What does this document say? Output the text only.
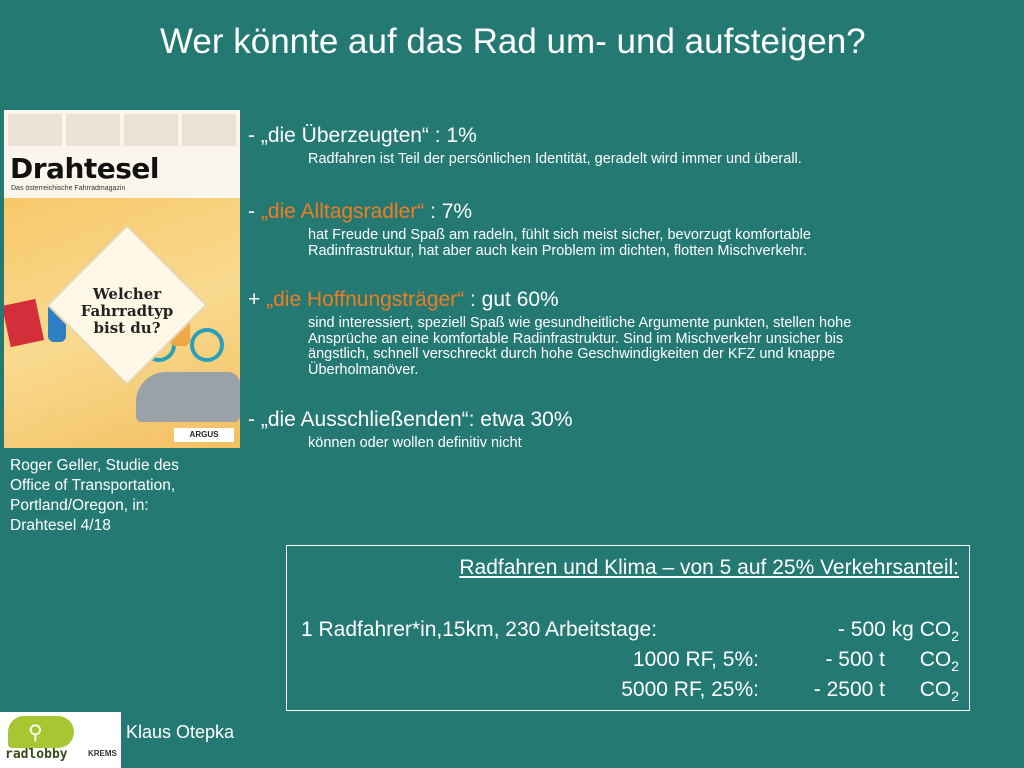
Wer könnte auf das Rad um- und aufsteigen?
Drahtesel
Das österreichische Fahrradmagazin
Welcher
Fahrradtyp
bist du?
ARGUS
Roger Geller, Studie des
Office of Transportation,
Portland/Oregon, in:
Drahtesel 4/18
- „die Überzeugten“ : 1%
Radfahren ist Teil der persönlichen Identität, geradelt wird immer und überall.
- „die Alltagsradler“ : 7%
hat Freude und Spaß am radeln, fühlt sich meist sicher, bevorzugt komfortable
Radinfrastruktur, hat aber auch kein Problem im dichten, flotten Mischverkehr.
+ „die Hoffnungsträger“ : gut 60%
sind interessiert, speziell Spaß wie gesundheitliche Argumente punkten, stellen hohe
Ansprüche an eine komfortable Radinfrastruktur. Sind im Mischverkehr unsicher bis
ängstlich, schnell verschreckt durch hohe Geschwindigkeiten der KFZ und knappe
Überholmanöver.
- „die Ausschließenden“: etwa 30%
können oder wollen definitiv nicht
Radfahren und Klima – von 5 auf 25% Verkehrsanteil:
1 Radfahrer*in,15km, 230 Arbeitstage:	- 500 kg $CO_2$
1000 RF, 5%:	- 500 t $CO_2$
5000 RF, 25%:	- 2500 t $CO_2$
⚲
radlobby	KREMS
Klaus Otepka
